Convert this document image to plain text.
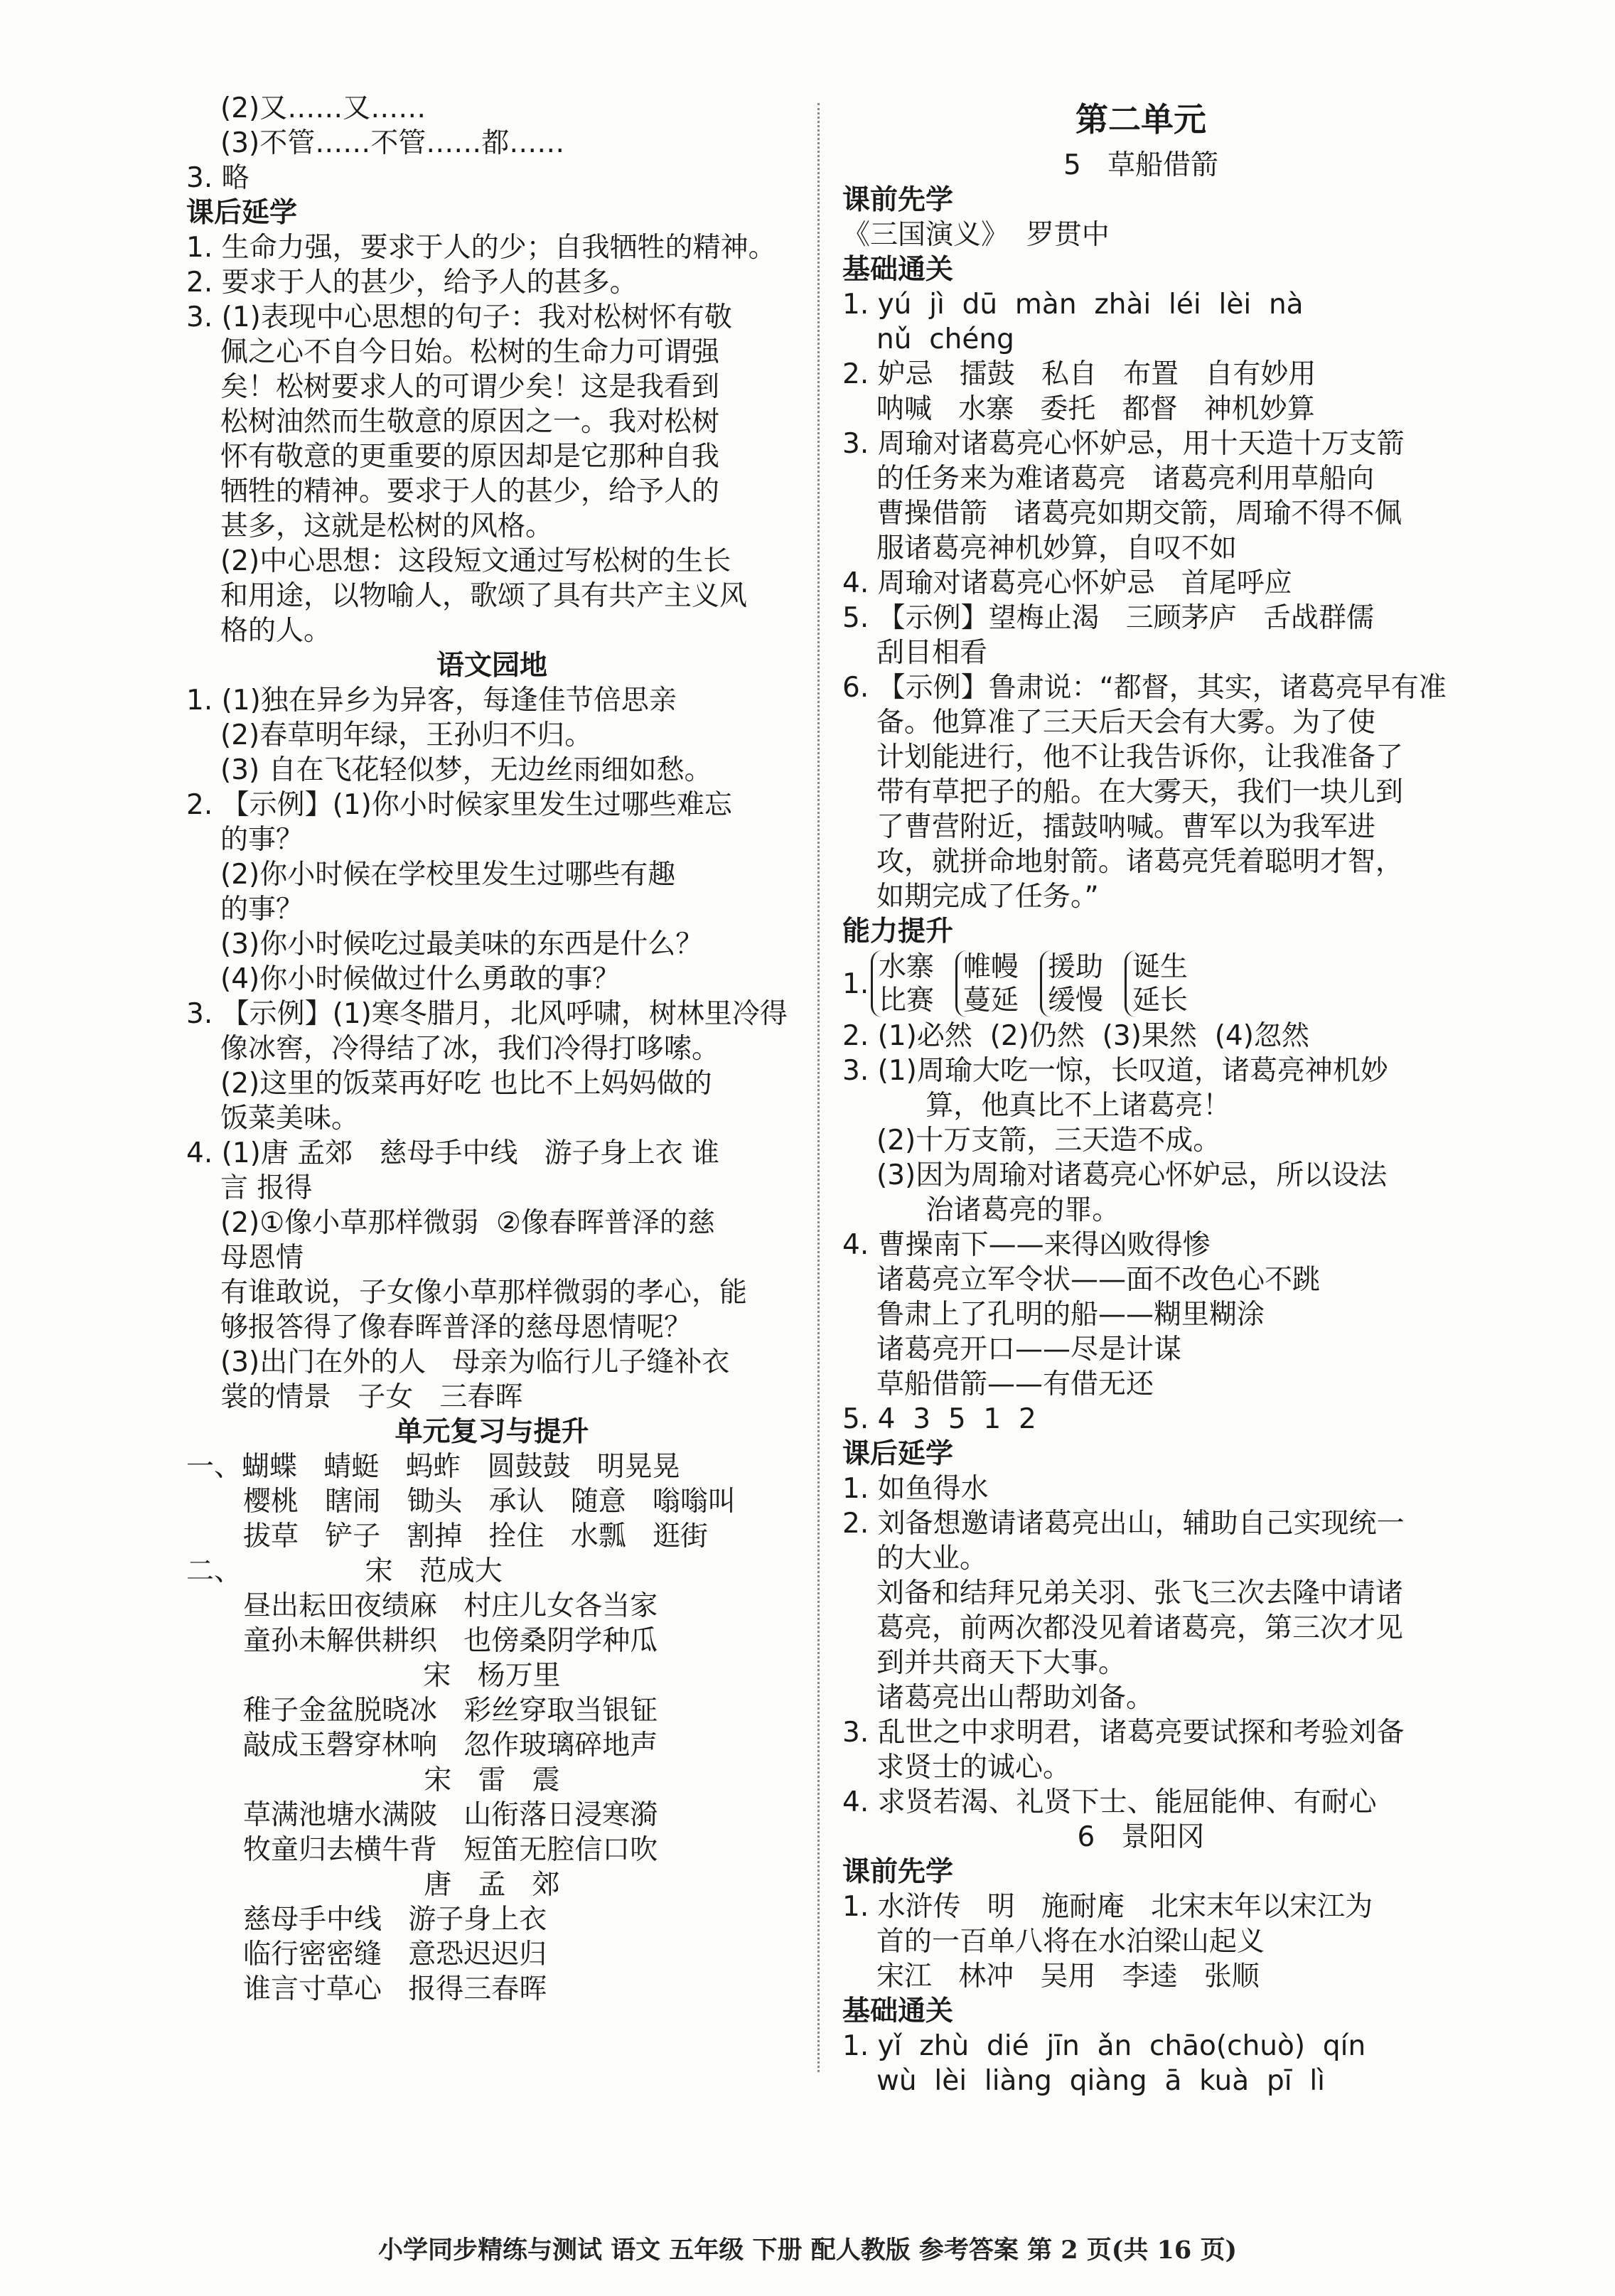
(2)又……又……
(3)不管……不管……都……
3. 略
课后延学
1. 生命力强，要求于人的少；自我牺牲的精神。
2. 要求于人的甚少，给予人的甚多。
3. (1)表现中心思想的句子：我对松树怀有敬
佩之心不自今日始。松树的生命力可谓强
矣！松树要求人的可谓少矣！这是我看到
松树油然而生敬意的原因之一。我对松树
怀有敬意的更重要的原因却是它那种自我
牺牲的精神。要求于人的甚少，给予人的
甚多，这就是松树的风格。
(2)中心思想：这段短文通过写松树的生长
和用途，以物喻人，歌颂了具有共产主义风
格的人。
语文园地
1. (1)独在异乡为异客，每逢佳节倍思亲
(2)春草明年绿，王孙归不归。
(3) 自在飞花轻似梦，无边丝雨细如愁。
2. 【示例】(1)你小时候家里发生过哪些难忘
的事？
(2)你小时候在学校里发生过哪些有趣
的事？
(3)你小时候吃过最美味的东西是什么？
(4)你小时候做过什么勇敢的事？
3. 【示例】(1)寒冬腊月，北风呼啸，树林里冷得
像冰窖，冷得结了冰，我们冷得打哆嗦。
(2)这里的饭菜再好吃 也比不上妈妈做的
饭菜美味。
4. (1)唐 孟郊   慈母手中线   游子身上衣 谁
言 报得
(2)①像小草那样微弱  ②像春晖普泽的慈
母恩情
有谁敢说，子女像小草那样微弱的孝心，能
够报答得了像春晖普泽的慈母恩情呢？
(3)出门在外的人   母亲为临行儿子缝补衣
裳的情景   子女   三春晖
单元复习与提升
一、蝴蝶   蜻蜓   蚂蚱   圆鼓鼓   明晃晃
樱桃   瞎闹   锄头   承认   随意   嗡嗡叫
拔草   铲子   割掉   拴住   水瓢   逛街
二、              宋   范成大
昼出耘田夜绩麻   村庄儿女各当家
童孙未解供耕织   也傍桑阴学种瓜
宋   杨万里
稚子金盆脱晓冰   彩丝穿取当银钲
敲成玉磬穿林响   忽作玻璃碎地声
宋   雷   震
草满池塘水满陂   山衔落日浸寒漪
牧童归去横牛背   短笛无腔信口吹
唐   孟   郊
慈母手中线   游子身上衣
临行密密缝   意恐迟迟归
谁言寸草心   报得三春晖
第二单元
5   草船借箭
课前先学
《三国演义》  罗贯中
基础通关
1. yú  jì  dū  màn  zhài  léi  lèi  nà
nǔ  chéng
2. 妒忌   擂鼓   私自   布置   自有妙用
呐喊   水寨   委托   都督   神机妙算
3. 周瑜对诸葛亮心怀妒忌，用十天造十万支箭
的任务来为难诸葛亮   诸葛亮利用草船向
曹操借箭   诸葛亮如期交箭，周瑜不得不佩
服诸葛亮神机妙算，自叹不如
4. 周瑜对诸葛亮心怀妒忌   首尾呼应
5. 【示例】望梅止渴   三顾茅庐   舌战群儒
刮目相看
6. 【示例】鲁肃说：“都督，其实，诸葛亮早有准
备。他算准了三天后天会有大雾。为了使
计划能进行，他不让我告诉你，让我准备了
带有草把子的船。在大雾天，我们一块儿到
了曹营附近，擂鼓呐喊。曹军以为我军进
攻，就拼命地射箭。诸葛亮凭着聪明才智，
如期完成了任务。”
能力提升
1.
水寨
比赛
帷幔
蔓延
援助
缓慢
诞生
延长
2. (1)必然  (2)仍然  (3)果然  (4)忽然
3. (1)周瑜大吃一惊，长叹道，诸葛亮神机妙
算，他真比不上诸葛亮！
(2)十万支箭，三天造不成。
(3)因为周瑜对诸葛亮心怀妒忌，所以设法
治诸葛亮的罪。
4. 曹操南下——来得凶败得惨
诸葛亮立军令状——面不改色心不跳
鲁肃上了孔明的船——糊里糊涂
诸葛亮开口——尽是计谋
草船借箭——有借无还
5. 4  3  5  1  2
课后延学
1. 如鱼得水
2. 刘备想邀请诸葛亮出山，辅助自己实现统一
的大业。
刘备和结拜兄弟关羽、张飞三次去隆中请诸
葛亮，前两次都没见着诸葛亮，第三次才见
到并共商天下大事。
诸葛亮出山帮助刘备。
3. 乱世之中求明君，诸葛亮要试探和考验刘备
求贤士的诚心。
4. 求贤若渴、礼贤下士、能屈能伸、有耐心
6   景阳冈
课前先学
1. 水浒传   明   施耐庵   北宋末年以宋江为
首的一百单八将在水泊梁山起义
宋江   林冲   吴用   李逵   张顺
基础通关
1. yǐ  zhù  dié  jīn  ǎn  chāo(chuò)  qín
wù  lèi  liàng  qiàng  ā  kuà  pī  lì
小学同步精练与测试 语文 五年级 下册 配人教版 参考答案 第 2 页(共 16 页)
